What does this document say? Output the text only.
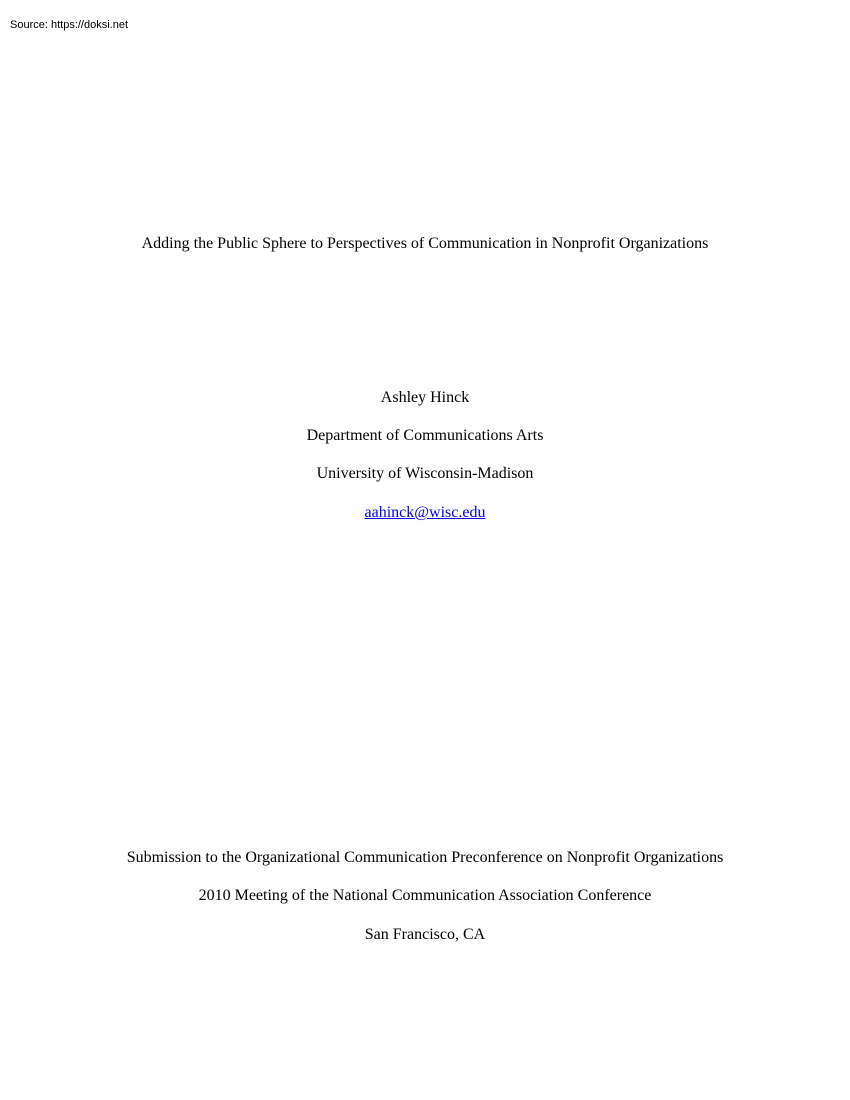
Source: https://doksi.net
Adding the Public Sphere to Perspectives of Communication in Nonprofit Organizations
Ashley Hinck
Department of Communications Arts
University of Wisconsin-Madison
aahinck@wisc.edu
Submission to the Organizational Communication Preconference on Nonprofit Organizations
2010 Meeting of the National Communication Association Conference
San Francisco, CA
